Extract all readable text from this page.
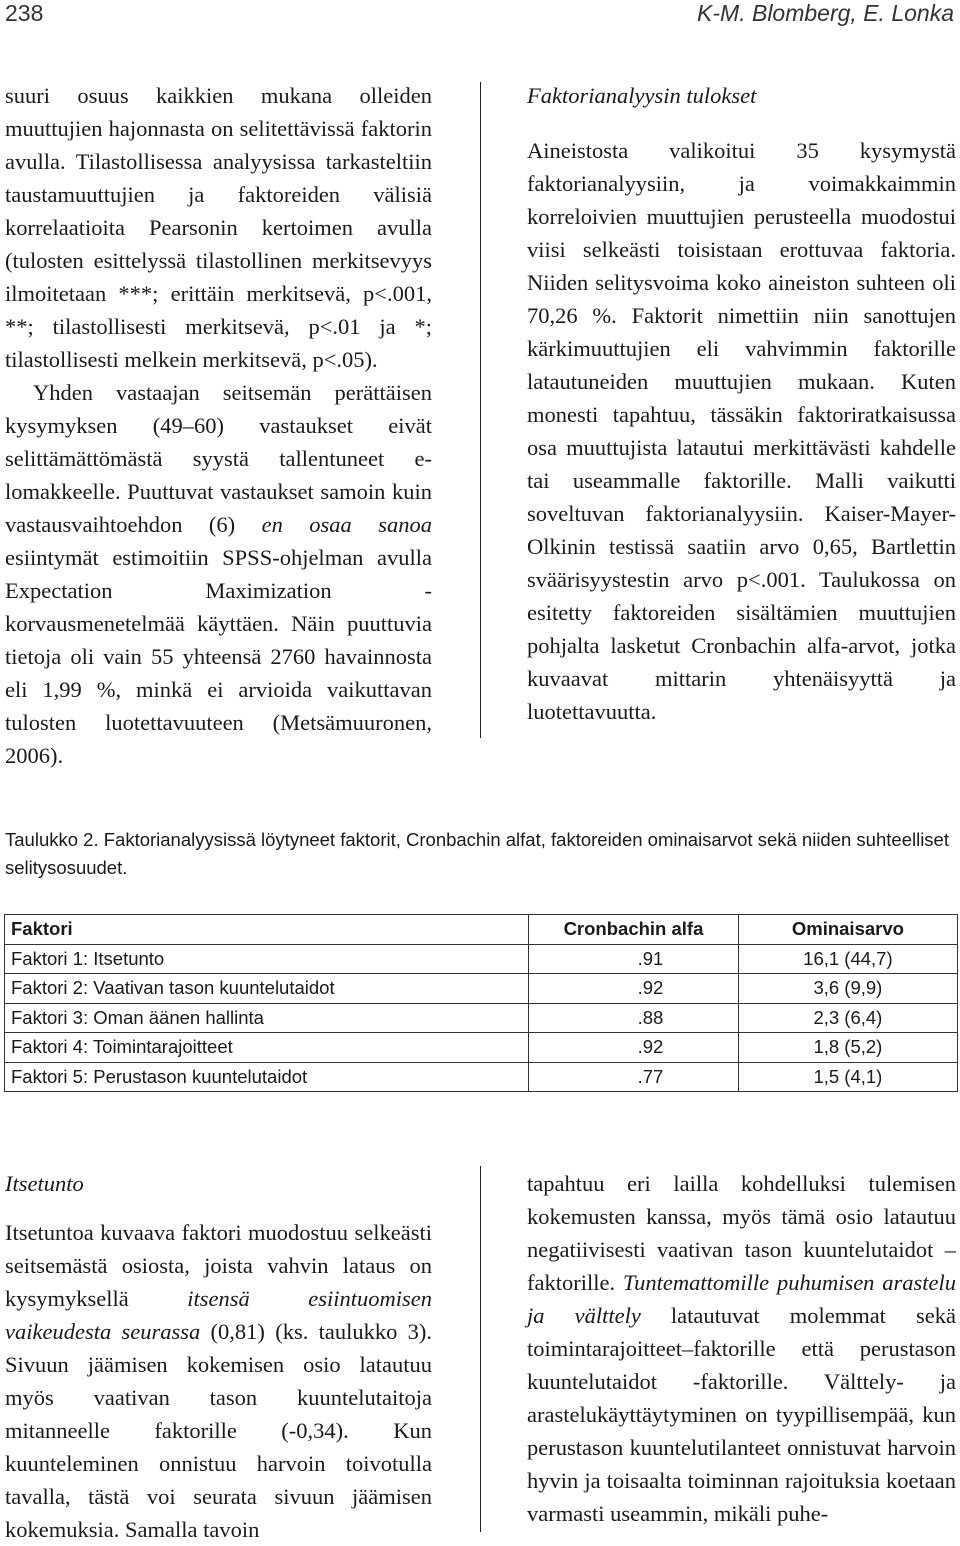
238	K-M. Blomberg, E. Lonka

suuri osuus kaikkien mukana olleiden muuttujien hajonnasta on selitettävissä faktorin avulla. Tilastollisessa analyysissa tarkasteltiin taustamuuttujien ja faktoreiden välisiä korrelaatioita Pearsonin kertoimen avulla (tulosten esittelyssä tilastollinen merkitsevyys ilmoitetaan ***; erittäin merkitsevä, p<.001, **; tilastollisesti merkitsevä, p<.01 ja *; tilastollisesti melkein merkitsevä, p<.05).

Yhden vastaajan seitsemän perättäisen kysymyksen (49–60) vastaukset eivät selittämättömästä syystä tallentuneet e-lomakkeelle. Puuttuvat vastaukset samoin kuin vastausvaihtoehdon (6) en osaa sanoa esiintymät estimoitiin SPSS-ohjelman avulla Expectation Maximization -korvausmenetelmää käyttäen. Näin puuttuvia tietoja oli vain 55 yhteensä 2760 havainnosta eli 1,99 %, minkä ei arvioida vaikuttavan tulosten luotettavuuteen (Metsämuuronen, 2006).

Faktorianalyysin tulokset

Aineistosta valikoitui 35 kysymystä faktorianalyysiin, ja voimakkaimmin korreloivien muuttujien perusteella muodostui viisi selkeästi toisistaan erottuvaa faktoria. Niiden selitysvoima koko aineiston suhteen oli 70,26 %. Faktorit nimettiin niin sanottujen kärkimuuttujien eli vahvimmin faktorille latautuneiden muuttujien mukaan. Kuten monesti tapahtuu, tässäkin faktoriratkaisussa osa muuttujista latautui merkittävästi kahdelle tai useammalle faktorille. Malli vaikutti soveltuvan faktorianalyysiin. Kaiser-Mayer-Olkinin testissä saatiin arvo 0,65, Bartlettin sväärisyystestin arvo p<.001. Taulukossa on esitetty faktoreiden sisältämien muuttujien pohjalta lasketut Cronbachin alfa-arvot, jotka kuvaavat mittarin yhtenäisyyttä ja luotettavuutta.

Taulukko 2. Faktorianalyysissä löytyneet faktorit, Cronbachin alfat, faktoreiden ominaisarvot sekä niiden suhteelliset selitysosuudet.
Faktori	Cronbachin alfa	Ominaisarvo
Faktori 1: Itsetunto	.91	16,1 (44,7)
Faktori 2: Vaativan tason kuuntelutaidot	.92	3,6 (9,9)
Faktori 3: Oman äänen hallinta	.88	2,3 (6,4)
Faktori 4: Toimintarajoitteet	.92	1,8 (5,2)
Faktori 5: Perustason kuuntelutaidot	.77	1,5 (4,1)

Itsetunto

Itsetuntoa kuvaava faktori muodostuu selkeästi seitsemästä osiosta, joista vahvin lataus on kysymyksellä itsensä esiintuomisen vaikeudesta seurassa (0,81) (ks. taulukko 3). Sivuun jäämisen kokemisen osio latautuu myös vaativan tason kuuntelutaitoja mitanneelle faktorille (-0,34). Kun kuunteleminen onnistuu harvoin toivotulla tavalla, tästä voi seurata sivuun jäämisen kokemuksia. Samalla tavoin

tapahtuu eri lailla kohdelluksi tulemisen kokemusten kanssa, myös tämä osio latautuu negatiivisesti vaativan tason kuuntelutaidot –faktorille. Tuntemattomille puhumisen arastelu ja välttely latautuvat molemmat sekä toimintarajoitteet–faktorille että perustason kuuntelutaidot -faktorille. Välttely- ja arastelukäyttäytyminen on tyypillisempää, kun perustason kuuntelutilanteet onnistuvat harvoin hyvin ja toisaalta toiminnan rajoituksia koetaan varmasti useammin, mikäli puhe-
